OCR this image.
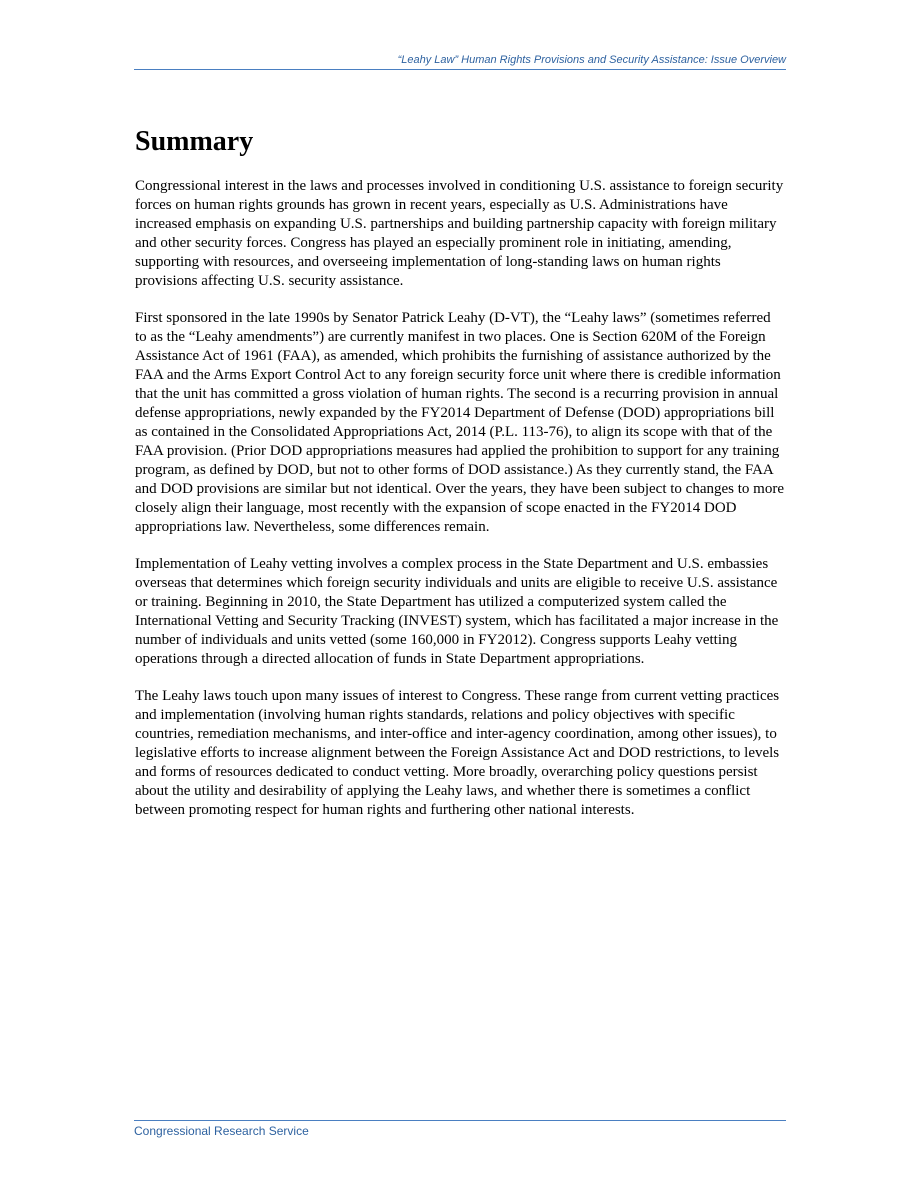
“Leahy Law” Human Rights Provisions and Security Assistance: Issue Overview
Summary

Congressional interest in the laws and processes involved in conditioning U.S. assistance to foreign security forces on human rights grounds has grown in recent years, especially as U.S. Administrations have increased emphasis on expanding U.S. partnerships and building partnership capacity with foreign military and other security forces. Congress has played an especially prominent role in initiating, amending, supporting with resources, and overseeing implementation of long-standing laws on human rights provisions affecting U.S. security assistance.

First sponsored in the late 1990s by Senator Patrick Leahy (D-VT), the “Leahy laws” (sometimes referred to as the “Leahy amendments”) are currently manifest in two places. One is Section 620M of the Foreign Assistance Act of 1961 (FAA), as amended, which prohibits the furnishing of assistance authorized by the FAA and the Arms Export Control Act to any foreign security force unit where there is credible information that the unit has committed a gross violation of human rights. The second is a recurring provision in annual defense appropriations, newly expanded by the FY2014 Department of Defense (DOD) appropriations bill as contained in the Consolidated Appropriations Act, 2014 (P.L. 113-76), to align its scope with that of the FAA provision. (Prior DOD appropriations measures had applied the prohibition to support for any training program, as defined by DOD, but not to other forms of DOD assistance.) As they currently stand, the FAA and DOD provisions are similar but not identical. Over the years, they have been subject to changes to more closely align their language, most recently with the expansion of scope enacted in the FY2014 DOD appropriations law. Nevertheless, some differences remain.

Implementation of Leahy vetting involves a complex process in the State Department and U.S. embassies overseas that determines which foreign security individuals and units are eligible to receive U.S. assistance or training. Beginning in 2010, the State Department has utilized a computerized system called the International Vetting and Security Tracking (INVEST) system, which has facilitated a major increase in the number of individuals and units vetted (some 160,000 in FY2012). Congress supports Leahy vetting operations through a directed allocation of funds in State Department appropriations.

The Leahy laws touch upon many issues of interest to Congress. These range from current vetting practices and implementation (involving human rights standards, relations and policy objectives with specific countries, remediation mechanisms, and inter-office and inter-agency coordination, among other issues), to legislative efforts to increase alignment between the Foreign Assistance Act and DOD restrictions, to levels and forms of resources dedicated to conduct vetting. More broadly, overarching policy questions persist about the utility and desirability of applying the Leahy laws, and whether there is sometimes a conflict between promoting respect for human rights and furthering other national interests.

Congressional Research Service
